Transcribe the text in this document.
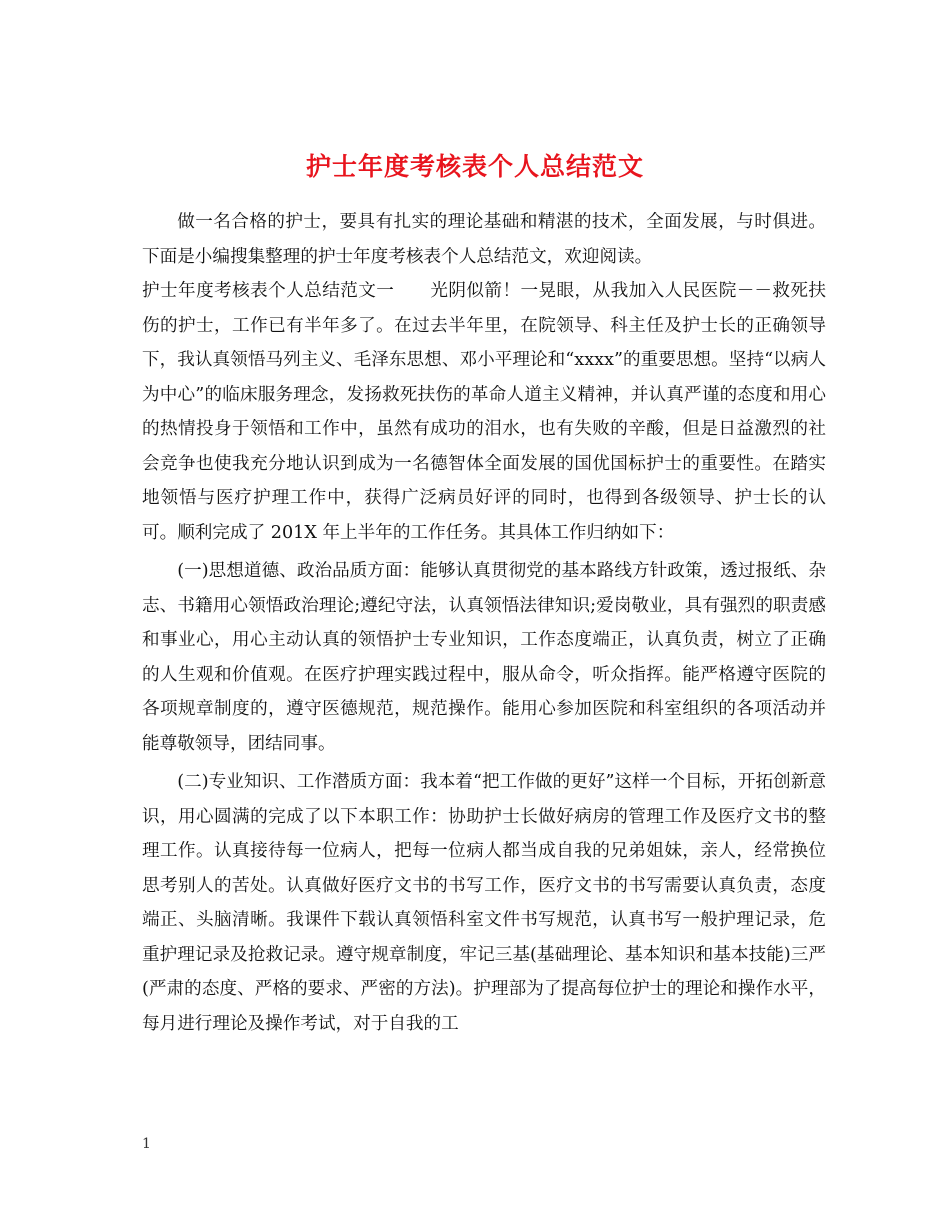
护士年度考核表个人总结范文

做一名合格的护士，要具有扎实的理论基础和精湛的技术，全面发展，与时俱进。下面是小编搜集整理的护士年度考核表个人总结范文，欢迎阅读。

护士年度考核表个人总结范文一　　光阴似箭！一晃眼，从我加入人民医院－－救死扶伤的护士，工作已有半年多了。在过去半年里，在院领导、科主任及护士长的正确领导下，我认真领悟马列主义、毛泽东思想、邓小平理论和“xxxx”的重要思想。坚持“以病人为中心”的临床服务理念，发扬救死扶伤的革命人道主义精神，并认真严谨的态度和用心的热情投身于领悟和工作中，虽然有成功的泪水，也有失败的辛酸，但是日益激烈的社会竞争也使我充分地认识到成为一名德智体全面发展的国优国标护士的重要性。在踏实地领悟与医疗护理工作中，获得广泛病员好评的同时，也得到各级领导、护士长的认可。顺利完成了 201X 年上半年的工作任务。其具体工作归纳如下：

(一)思想道德、政治品质方面：能够认真贯彻党的基本路线方针政策，透过报纸、杂志、书籍用心领悟政治理论;遵纪守法，认真领悟法律知识;爱岗敬业，具有强烈的职责感和事业心，用心主动认真的领悟护士专业知识，工作态度端正，认真负责，树立了正确的人生观和价值观。在医疗护理实践过程中，服从命令，听众指挥。能严格遵守医院的各项规章制度的，遵守医德规范，规范操作。能用心参加医院和科室组织的各项活动并能尊敬领导，团结同事。

(二)专业知识、工作潜质方面：我本着“把工作做的更好”这样一个目标，开拓创新意识，用心圆满的完成了以下本职工作：协助护士长做好病房的管理工作及医疗文书的整理工作。认真接待每一位病人，把每一位病人都当成自我的兄弟姐妹，亲人，经常换位思考别人的苦处。认真做好医疗文书的书写工作，医疗文书的书写需要认真负责，态度端正、头脑清晰。我课件下载认真领悟科室文件书写规范，认真书写一般护理记录，危重护理记录及抢救记录。遵守规章制度，牢记三基(基础理论、基本知识和基本技能)三严(严肃的态度、严格的要求、严密的方法)。护理部为了提高每位护士的理论和操作水平，每月进行理论及操作考试，对于自我的工

1
